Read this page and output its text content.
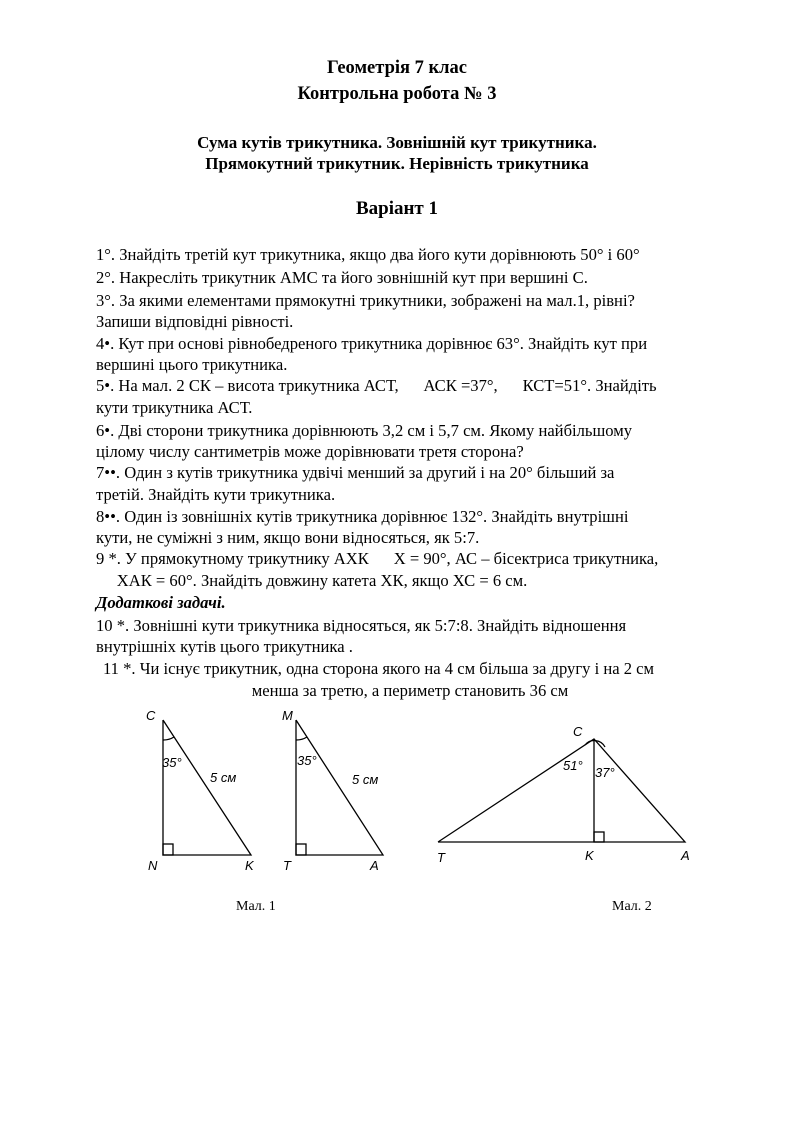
Геометрія 7 клас
Контрольна робота № 3
Сума кутів трикутника. Зовнішній кут трикутника.
Прямокутний трикутник. Нерівність трикутника
Варіант 1
1°. Знайдіть третій кут трикутника, якщо два його кути дорівнюють 50° і 60°
2°. Накресліть трикутник АМС та його зовнішній кут при вершині С.
3°. За якими елементами прямокутні трикутники, зображені на мал.1, рівні?
Запиши відповідні рівності.
4•. Кут при основі рівнобедреного трикутника дорівнює 63°. Знайдіть кут при
вершині цього трикутника.
5•. На мал. 2 СК – висота трикутника АСТ,   АСК =37°,   КСТ=51°. Знайдіть
кути трикутника АСТ.
6•. Дві сторони трикутника дорівнюють 3,2 см і 5,7 см. Якому найбільшому
цілому числу сантиметрів може дорівнювати третя сторона?
7••. Один з кутів трикутника удвічі менший за другий і на 20° більший за
третій. Знайдіть кути трикутника.
8••. Один із зовнішніх кутів трикутника дорівнює 132°. Знайдіть внутрішні
кути, не суміжні з ним, якщо вони відносяться, як 5:7.
9 *. У прямокутному трикутнику АХК   Х = 90°, АС – бісектриса трикутника,
  ХАК = 60°. Знайдіть довжину катета ХК, якщо ХС = 6 см.
Додаткові задачі.
10 *. Зовнішні кути трикутника відносяться, як 5:7:8. Знайдіть відношення
внутрішніх кутів цього трикутника .
11 *. Чи існує трикутник, одна сторона якого на 4 см більша за другу і на 2 см
менша за третю, а периметр становить 36 см
C
N	K
35°
5 см
M
T	A
35°
5 см
C
T	K	A
51° 37°
Мал. 1	Мал. 2
